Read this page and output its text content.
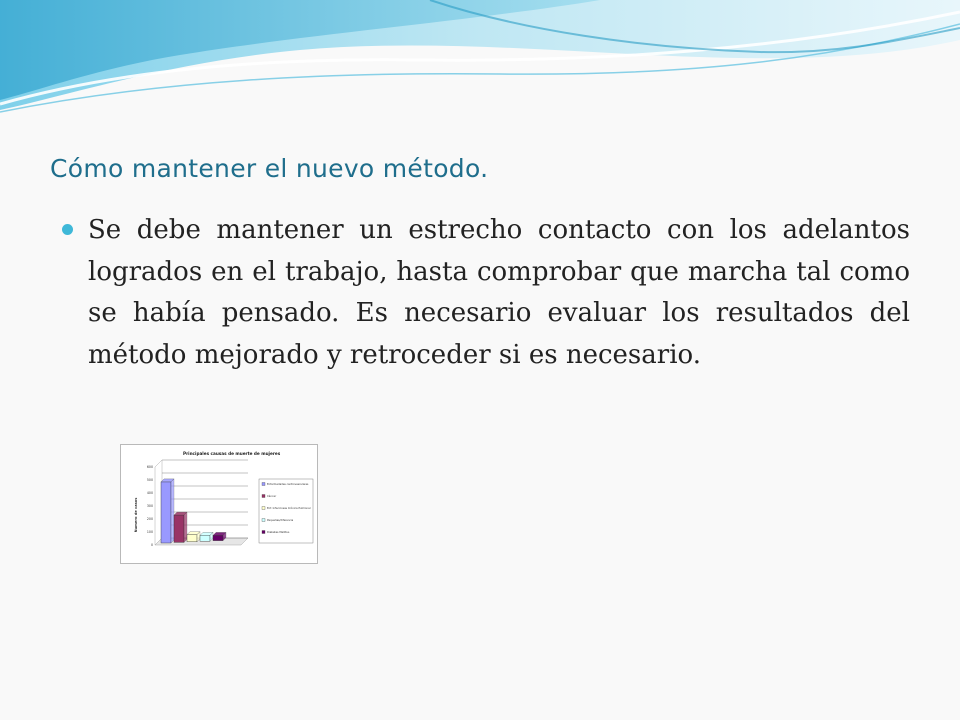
Cómo mantener el nuevo método.
Se debe mantener un estrecho contacto con los adelantos logrados en el trabajo, hasta comprobar que marcha tal como se había pensado. Es necesario evaluar los resultados del método mejorado y retroceder si es necesario.
Principales causas de muerte de mujeres
Numero de casos
0
100
200
300
400
500
600
Enfermedades cardiovasculares
Cáncer
Enf. Infecciosas Crónica Pulmonar
Pequeñas/diferencia
Diabetes Mellitus
